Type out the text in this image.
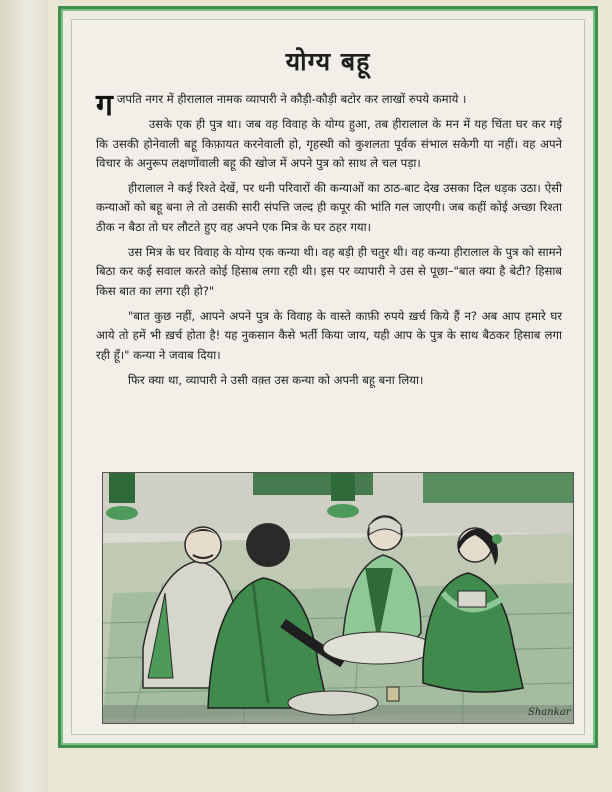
योग्य बहू

गजपति नगर में हीरालाल नामक व्यापारी ने कौड़ी-कौड़ी बटोर कर लाखों रुपये कमाये ।

उसके एक ही पुत्र था। जब वह विवाह के योग्य हुआ, तब हीरालाल के मन में यह चिंता घर कर गई कि उसकी होनेवाली बहू किफ़ायत करनेवाली हो, गृहस्थी को कुशलता पूर्वक संभाल सकेगी या नहीं। वह अपने विचार के अनुरूप लक्षणोंवाली बहू की खोज में अपने पुत्र को साथ ले चल पड़ा।

हीरालाल ने कई रिश्ते देखें, पर धनी परिवारों की कन्याओं का ठाठ-बाट देख उसका दिल धड़क उठा। ऐसी कन्याओं को बहू बना ले तो उसकी सारी संपत्ति जल्द ही कपूर की भांति गल जाएगी। जब कहीं कोई अच्छा रिश्ता ठीक न बैठा तो घर लौटते हुए वह अपने एक मित्र के घर ठहर गया।

उस मित्र के घर विवाह के योग्य एक कन्या थी। वह बड़ी ही चतुर थी। वह कन्या हीरालाल के पुत्र को सामने बिठा कर कई सवाल करते कोई हिसाब लगा रही थी। इस पर व्यापारी ने उस से पूछा–"बात क्या है बेटी? हिसाब किस बात का लगा रही हो?"

"बात कुछ नहीं, आपने अपने पुत्र के विवाह के वास्ते काफ़ी रुपये ख़र्च किये हैं न? अब आप हमारे घर आये तो हमें भी ख़र्च होता है! यह नुकसान कैसे भर्ती किया जाय, यही आप के पुत्र के साथ बैठकर हिसाब लगा रही हूँ।" कन्या ने जवाब दिया।

फिर क्या था, व्यापारी ने उसी वक़्त उस कन्या को अपनी बहू बना लिया।

Shankar
